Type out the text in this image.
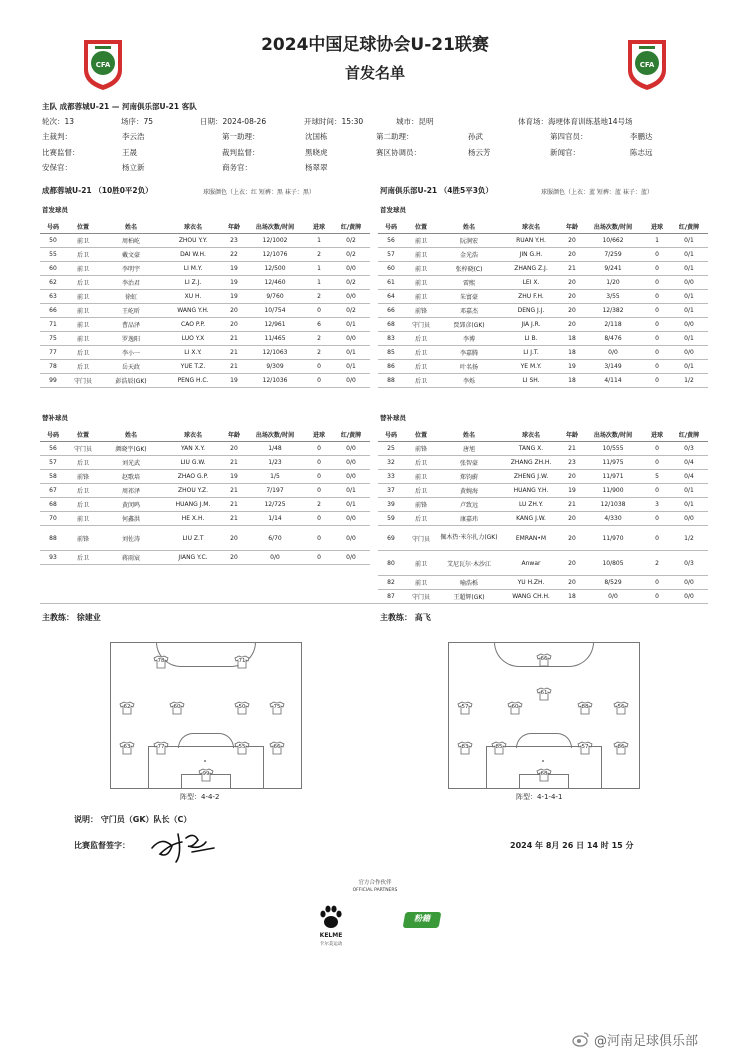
CFA	CFA
2024中国足球协会U-21联赛
首发名单
主队 成都蓉城U-21 — 河南俱乐部U-21 客队
轮次：13	场序：75	日期：2024-08-26	开球时间：15:30	城市：昆明	体育场：海埂体育训练基地14号场
主裁判：	李云浩	第一助理：	沈国栋	第二助理：	孙武	第四官员：	李鹏达
比赛监督：	王晟	裁判监督：	黑晓虎	赛区协调员：	杨云芳	新闻官：	陈志远
安保官：	杨立新	商务官：	杨翠翠
成都蓉城U-21 （10胜0平2负）	球服颜色（上衣：红 短裤：黑 袜子：黑）	河南俱乐部U-21 （4胜5平3负）	球服颜色（上衣：蓝 短裤：蓝 袜子：蓝）
首发球员	首发球员
号码	位置	姓名	球衣名	年龄	出场次数/时间	进球	红/黄牌
50	前卫	周柏屹	ZHOU Y.Y.	23	12/1002	1	0/2
55	后卫	戴文豪	DAI W.H.	22	12/1076	2	0/2
60	前卫	李明宇	LI M.Y.	19	12/500	1	0/0
62	后卫	李治君	LI Z.J.	19	12/460	1	0/2
63	前卫	徐虹	XU H.	19	9/760	2	0/0
66	前卫	王屹昕	WANG Y.H.	20	10/754	0	0/2
71	前卫	曹品泽	CAO P.P.	20	12/961	6	0/1
75	前卫	罗逸阳	LUO Y.X	21	11/465	2	0/0
77	后卫	李小一	LI X.Y.	21	12/1063	2	0/1
78	后卫	岳天政	YUE T.Z.	21	9/309	0	0/1
99	守门员	彭浩辰(GK)	PENG H.C.	19	12/1036	0	0/0
号码	位置	姓名	球衣名	年龄	出场次数/时间	进球	红/黄牌
56	前卫	阮涧宏	RUAN Y.H.	20	10/662	1	0/1
57	前卫	金光浩	JIN G.H.	20	7/259	0	0/1
60	前卫	张梓晓(C)	ZHANG Z.J.	21	9/241	0	0/1
61	前卫	雷熙	LEI X.	20	1/20	0	0/0
64	前卫	朱富豪	ZHU F.H.	20	3/55	0	0/1
66	前锋	邓嘉杰	DENG J.J.	20	12/382	0	0/1
68	守门员	贾郢彦(GK)	JIA J.R.	20	2/118	0	0/0
83	后卫	李博	LI B.	18	8/476	0	0/1
85	后卫	李嘉腾	LI J.T.	18	0/0	0	0/0
86	后卫	叶名扬	YE M.Y.	19	3/149	0	0/1
88	后卫	李烁	LI SH.	18	4/114	0	1/2
替补球员	替补球员
号码	位置	姓名	球衣名	年龄	出场次数/时间	进球	红/黄牌
56	守门员	颜晓宇(GK)	YAN X.Y.	20	1/48	0	0/0
57	后卫	刘光武	LIU G.W.	21	1/23	0	0/0
58	前锋	赵歌培	ZHAO G.P.	19	1/5	0	0/0
67	后卫	周祁泽	ZHOU Y.Z.	21	7/197	0	0/1
68	后卫	黄闵鸣	HUANG J.M.	21	12/725	2	0/1
70	前卫	何鑫洪	HE X.H.	21	1/14	0	0/0
88	前锋	刘佐涛	LIU Z.T	20	6/70	0	0/0
93	后卫	蒋雨宸	JIANG Y.C.	20	0/0	0	0/0
号码	位置	姓名	球衣名	年龄	出场次数/时间	进球	红/黄牌
25	前锋	唐旭	TANG X.	21	10/555	0	0/3
32	后卫	张智豪	ZHANG ZH.H.	23	11/975	0	0/4
33	前卫	郑钧蔚	ZHENG J.W.	20	11/971	5	0/4
37	后卫	黄婉海	HUANG Y.H.	19	11/900	0	0/1
39	前锋	卢致远	LU ZH.Y.	21	12/1038	3	0/1
59	后卫	康嘉玮	KANG J.W.	20	4/330	0	0/0
69	守门员	佩木热·米尔扎力(GK)	EMRAN•M	20	11/970	0	1/2
80	前卫	艾尼瓦尔·木沙江	Anwar	20	10/805	2	0/3
82	前卫	喻浩栎	YU H.ZH.	20	8/529	0	0/0
87	守门员	王超辉(GK)	WANG CH.H.	18	0/0	0	0/0
主教练： 徐建业	主教练： 高飞
78	71
62	60	50	75
63	77	55	66
99
66
61
57	60	88	56
83	85	57	86
68
阵型：4-4-2	阵型：4-1-4-1
说明： 守门员（GK）队长（C）
比赛监督签字：	2024 年 8月 26 日 14 时 15 分
官方合作伙伴
OFFICIAL PARTNERS
KELME
卡尔美运动
粉籍
@河南足球俱乐部
